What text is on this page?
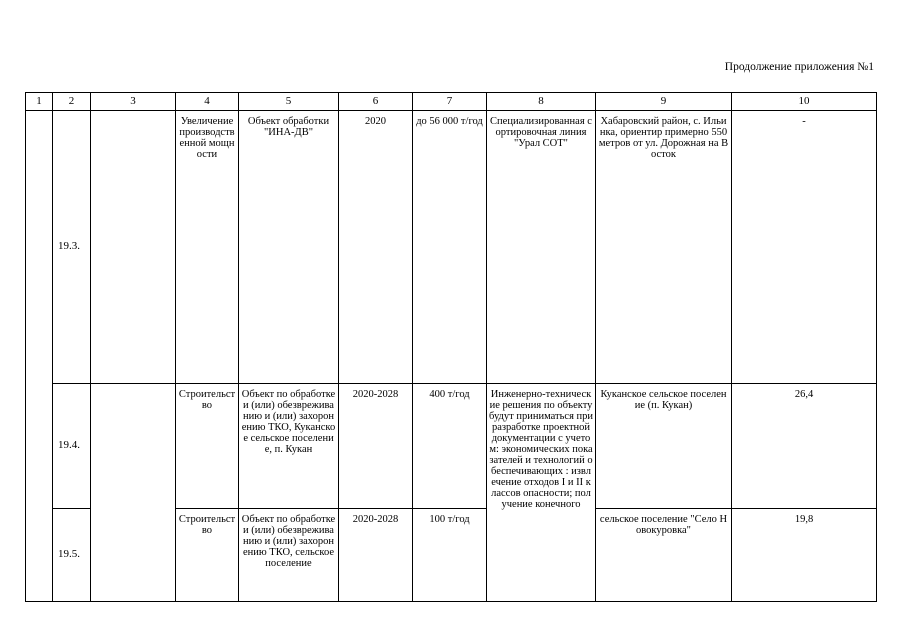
Продолжение приложения №1
1	2	3	4	5	6	7	8	9	10
	19.3.		Увеличение производственной мощности	Объект обработки "ИНА-ДВ"	2020	до 56 000 т/год	Специализированная сортировочная линия "Урал СОТ"	Хабаровский район, с. Ильинка, ориентир примерно 550 метров от ул. Дорожная на Восток	-

	19.4.		Строительство	Объект по обработке и (или) обезвреживанию и (или) захоронению ТКО, Куканское сельское поселение, п. Кукан	2020-2028	400 т/год	Инженерно-технические решения по объекту будут приниматься при разработке проектной документации с учетом: экономических показателей и технологий обеспечивающих : извлечение отходов I и II классов опасности; получение конечного	Куканское сельское поселение (п. Кукан)	26,4

	19.5.		Строительство	Объект по обработке и (или) обезвреживанию и (или) захоронению ТКО, сельское поселение	2020-2028	100 т/год		сельское поселение "Село Новокуровка"	19,8
